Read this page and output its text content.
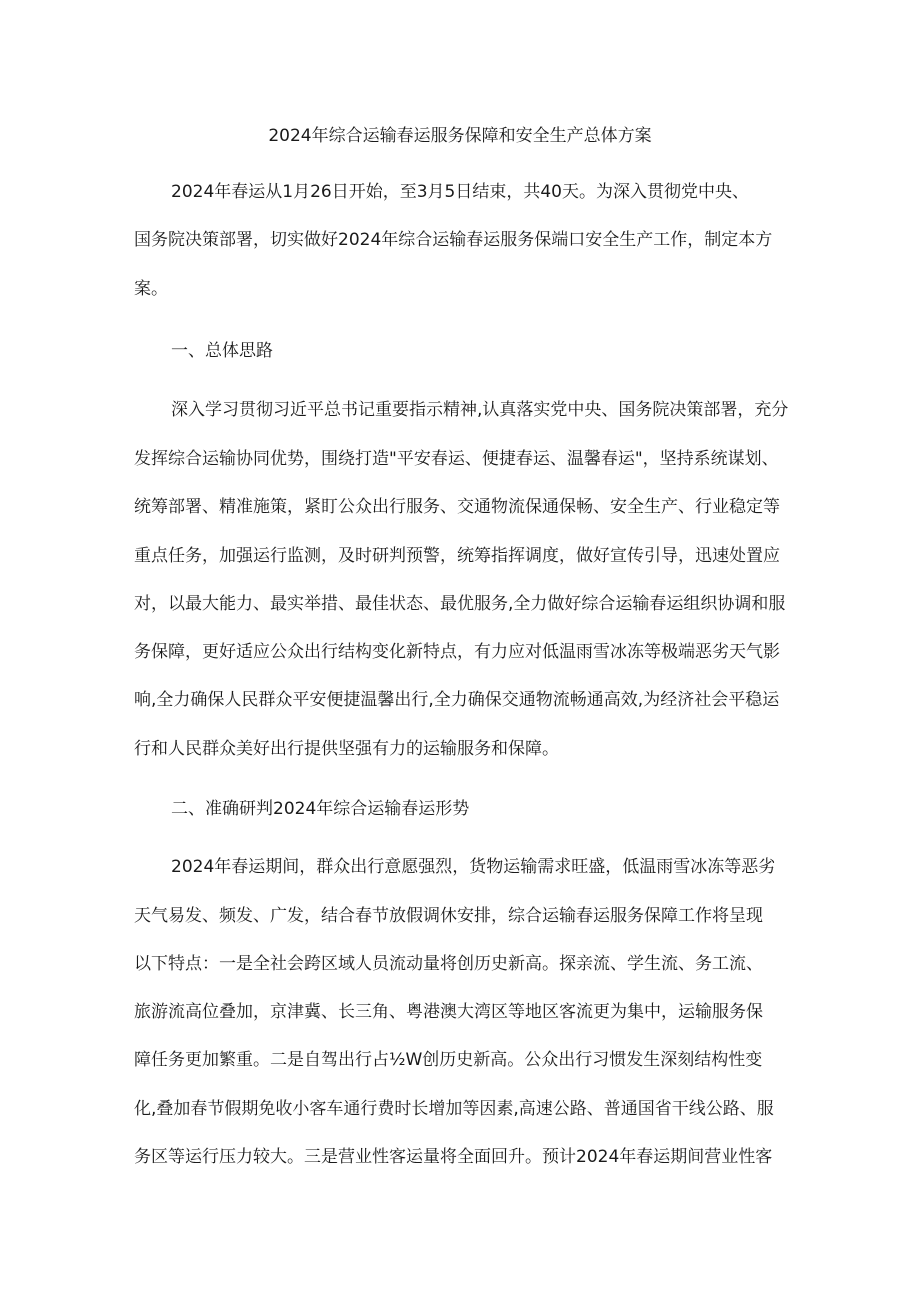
2024年综合运输春运服务保障和安全生产总体方案
2024年春运从1月26日开始，至3月5日结束，共40天。为深入贯彻党中央、
国务院决策部署，切实做好2024年综合运输春运服务保端口安全生产工作，制定本方
案。
一、总体思路
深入学习贯彻习近平总书记重要指示精神,认真落实党中央、国务院决策部署，充分
发挥综合运输协同优势，围绕打造"平安春运、便捷春运、温馨春运"，坚持系统谋划、
统筹部署、精准施策，紧盯公众出行服务、交通物流保通保畅、安全生产、行业稳定等
重点任务，加强运行监测，及时研判预警，统筹指挥调度，做好宣传引导，迅速处置应
对，以最大能力、最实举措、最佳状态、最优服务,全力做好综合运输春运组织协调和服
务保障，更好适应公众出行结构变化新特点，有力应对低温雨雪冰冻等极端恶劣天气影
响,全力确保人民群众平安便捷温馨出行,全力确保交通物流畅通高效,为经济社会平稳运
行和人民群众美好出行提供坚强有力的运输服务和保障。
二、准确研判2024年综合运输春运形势
2024年春运期间，群众出行意愿强烈，货物运输需求旺盛，低温雨雪冰冻等恶劣
天气易发、频发、广发，结合春节放假调休安排，综合运输春运服务保障工作将呈现
以下特点：一是全社会跨区域人员流动量将创历史新高。探亲流、学生流、务工流、
旅游流高位叠加，京津冀、长三角、粤港澳大湾区等地区客流更为集中，运输服务保
障任务更加繁重。二是自驾出行占½W创历史新高。公众出行习惯发生深刻结构性变
化,叠加春节假期免收小客车通行费时长增加等因素,高速公路、普通国省干线公路、服
务区等运行压力较大。三是营业性客运量将全面回升。预计2024年春运期间营业性客
